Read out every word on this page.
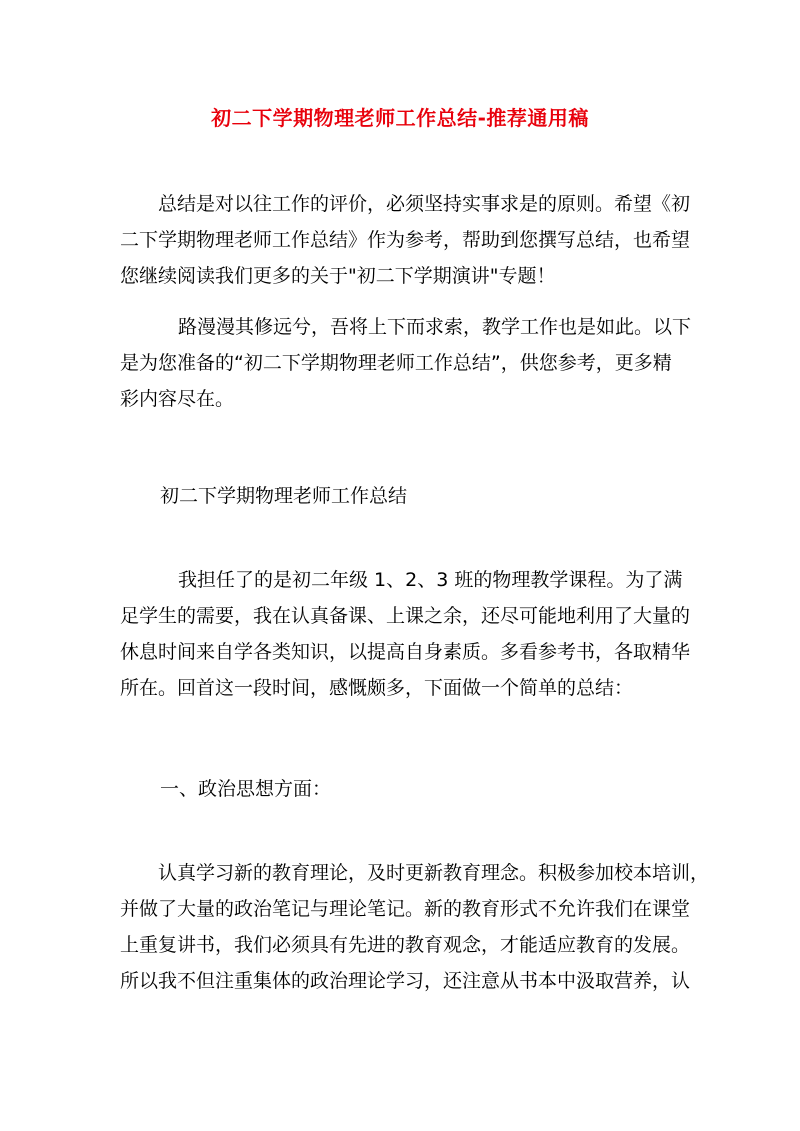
初二下学期物理老师工作总结-推荐通用稿
总结是对以往工作的评价，必须坚持实事求是的原则。希望《初
二下学期物理老师工作总结》作为参考，帮助到您撰写总结，也希望
您继续阅读我们更多的关于"初二下学期演讲"专题！
路漫漫其修远兮，吾将上下而求索，教学工作也是如此。以下
是为您准备的“初二下学期物理老师工作总结”，供您参考，更多精
彩内容尽在。
初二下学期物理老师工作总结
我担任了的是初二年级 1、2、3 班的物理教学课程。为了满
足学生的需要，我在认真备课、上课之余，还尽可能地利用了大量的
休息时间来自学各类知识，以提高自身素质。多看参考书，各取精华
所在。回首这一段时间，感慨颇多，下面做一个简单的总结：
一、政治思想方面：
认真学习新的教育理论，及时更新教育理念。积极参加校本培训，
并做了大量的政治笔记与理论笔记。新的教育形式不允许我们在课堂
上重复讲书，我们必须具有先进的教育观念，才能适应教育的发展。
所以我不但注重集体的政治理论学习，还注意从书本中汲取营养，认
